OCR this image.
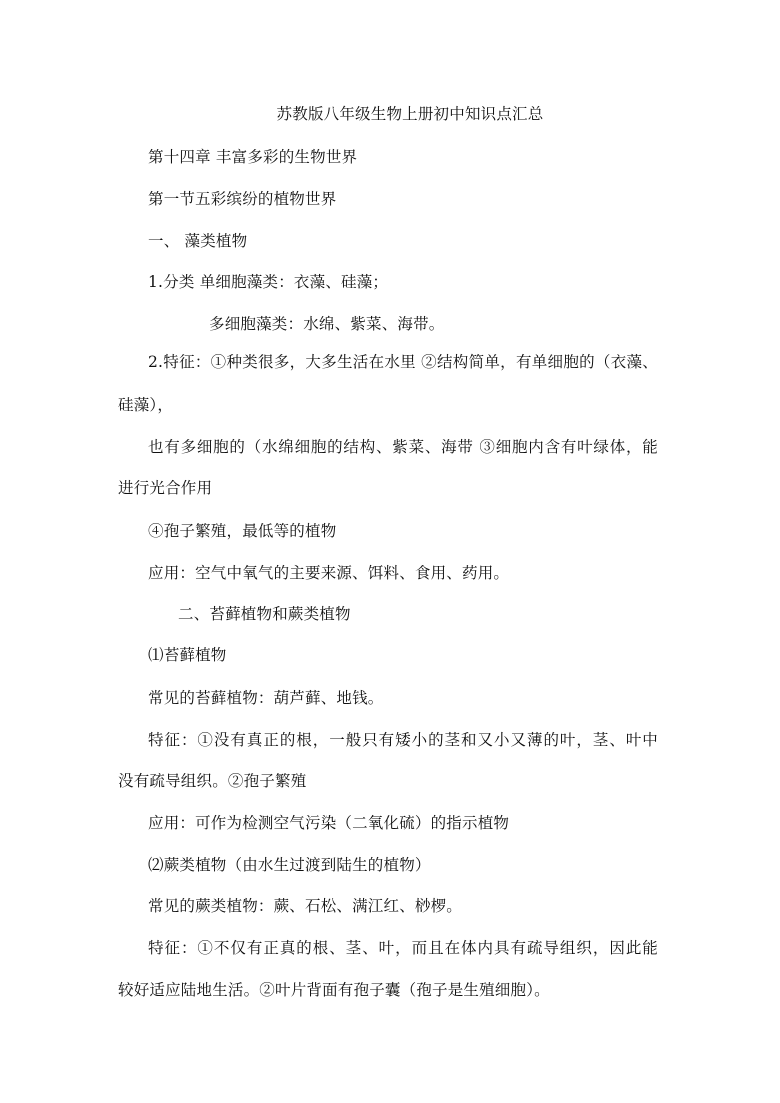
苏教版八年级生物上册初中知识点汇总
第十四章 丰富多彩的生物世界
第一节五彩缤纷的植物世界
一、 藻类植物
1.分类 单细胞藻类：衣藻、硅藻；
多细胞藻类：水绵、紫菜、海带。
2.特征：①种类很多，大多生活在水里 ②结构简单，有单细胞的（衣藻、
硅藻），
也有多细胞的（水绵细胞的结构、紫菜、海带 ③细胞内含有叶绿体，能
进行光合作用
④孢子繁殖，最低等的植物
应用：空气中氧气的主要来源、饵料、食用、药用。
二、苔藓植物和蕨类植物
⑴苔藓植物
常见的苔藓植物：葫芦藓、地钱。
特征：①没有真正的根，一般只有矮小的茎和又小又薄的叶，茎、叶中
没有疏导组织。②孢子繁殖
应用：可作为检测空气污染（二氧化硫）的指示植物
⑵蕨类植物（由水生过渡到陆生的植物）
常见的蕨类植物：蕨、石松、满江红、桫椤。
特征：①不仅有正真的根、茎、叶，而且在体内具有疏导组织，因此能
较好适应陆地生活。②叶片背面有孢子囊（孢子是生殖细胞）。
